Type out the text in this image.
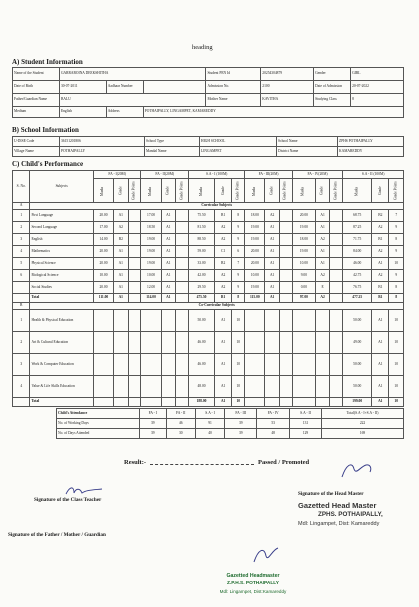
heading
A) Student Information
Name of the Student	GARRABOINA DEEKSHITHA			Student PEN Id	20254304879	Gender	GIRL
Date of Birth	30-07-2011	Aadhaar Number		Admission No.	2100	Date of Admission	20-07-2022
Father/Guardian Name	BALU			Mother Name	KAVITHA	Studying Class	8
Medium	English	Address	POTHAIPALLY, LINGAMPET, KAMAREDDY				
B) School Information
U-DISE Code	36151201806	School Type	HIGH SCHOOL	School Name	ZPHS POTHAIPALLY
Village Name	POTHAIPALLY	Mandal Name	LINGAMPET	District Name	KAMAREDDY
C) Child's Performance
S. No.	Subjects	FA - I(20M)			FA - II(20M)			S.A - I (100M)			FA - III(20M)			FA - IV(20M)			S.A - II (100M)		
		Marks	Grade	Grade Points	Marks	Grade	Grade Points	Marks	Grade	Grade Points	Marks	Grade	Grade Points	Marks	Grade	Grade Points	Marks	Grade	Grade Points
A	Curricular Subjects																		
1	First Language	20.00	A1		17.00	A1		75.50	B1	8	18.00	A2		20.00	A1		68.75	B2	7
2	Second Language	17.00	A2		18.50	A1		81.50	A2	9	19.00	A1		19.00	A1		87.25	A2	9
3	English	14.00	B2		19.00	A1		88.50	A2	9	19.00	A1		18.00	A2		71.75	B1	8
4	Mathematics	20.00	A1		19.00	A1		59.00	C1	6	20.00	A1		19.00	A1		84.00	A2	9
5	Physical Science	20.00	A1		19.00	A1		33.00	B2	7	20.00	A1		10.00	A1		46.00	A1	10
6	Biological Science	10.00	A1		10.00	A1		42.00	A2	9	10.00	A1		9.00	A2		42.75	A2	9
	Social Studies	20.00	A1		12.00	A1		29.50	A2	9	19.00	A1		0.00	E		76.75	B1	8
	Total	111.00	A1		114.00	A1		475.50	B1	8	115.00	A1		97.00	A2		477.25	B1	8
B	Co-Curricular Subjects																		
1	Health & Physical Education							50.00	A1	10							50.00	A1	10
2	Art & Cultural Education							46.00	A1	10							49.00	A1	10
3	Work & Computer Education							46.00	A1	10							50.00	A1	10
4	Value & Life Skills Education							48.00	A1	10							50.00	A1	10
	Total							188.00	A1	10							199.00	A1	10
Child's Attendance	FA - I	FA - II	S.A - I	FA - III	FA - IV	S.A - II	Total(S.A - I+S.A - II)
No. of Working Days	39	46	91	39	53	131	222
No. of Days Attended	39	30	40	39	48	129	169
Result:-	Passed / Promoted
Signature of the Class Teacher
Signature of the Head Master
Gazetted Head Master
ZPHS. POTHAIPALLY,
Mdl: Lingampet, Dist: Kamareddy
Signature of the Father / Mother / Guardian
Gazetted Headmaster
Z.P.H.S. POTHAIPALLY
Mdl: Lingampet, Dist:Kamareddy
